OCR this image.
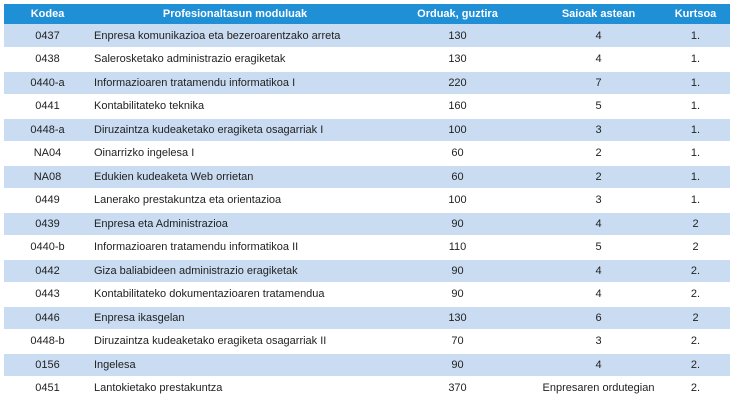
Kodea	Profesionaltasun moduluak	Orduak, guztira	Saioak astean	Kurtsoa
0437	Enpresa komunikazioa eta bezeroarentzako arreta	130	4	1.
0438	Salerosketako administrazio eragiketak	130	4	1.
0440-a	Informazioaren tratamendu informatikoa I	220	7	1.
0441	Kontabilitateko teknika	160	5	1.
0448-a	Diruzaintza kudeaketako eragiketa osagarriak I	100	3	1.
NA04	Oinarrizko ingelesa I	60	2	1.
NA08	Edukien kudeaketa Web orrietan	60	2	1.
0449	Lanerako prestakuntza eta orientazioa	100	3	1.
0439	Enpresa eta Administrazioa	90	4	2
0440-b	Informazioaren tratamendu informatikoa II	110	5	2
0442	Giza baliabideen administrazio eragiketak	90	4	2.
0443	Kontabilitateko dokumentazioaren tratamendua	90	4	2.
0446	Enpresa ikasgelan	130	6	2
0448-b	Diruzaintza kudeaketako eragiketa osagarriak II	70	3	2.
0156	Ingelesa	90	4	2.
0451	Lantokietako prestakuntza	370	Enpresaren ordutegian	2.
